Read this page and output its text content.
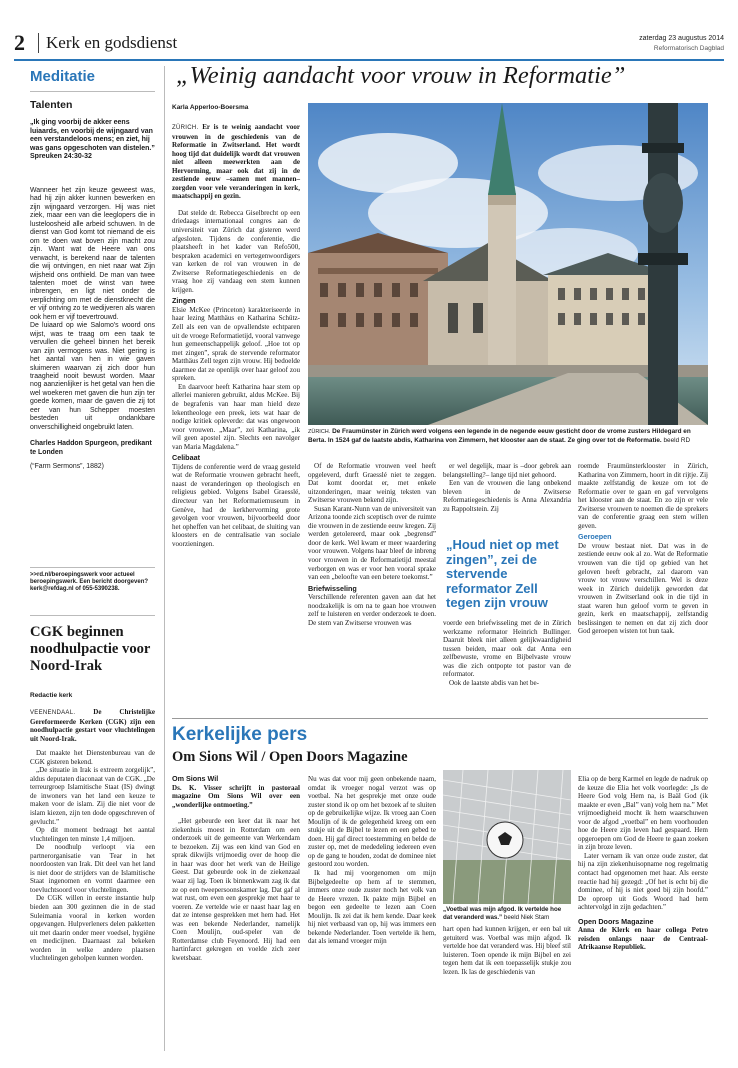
2 Kerk en godsdienst	zaterdag 23 augustus 2014
Reformatorisch Dagblad
Meditatie
Talenten
„Ik ging voorbij de akker eens luiaards, en voorbij de wijngaard van een verstandeloos mens; en ziet, hij was gans opgeschoten van distelen.”
Spreuken 24:30-32

Wanneer het zijn keuze geweest was, had hij zijn akker kunnen bewerken en zijn wijngaard verzorgen. Hij was niet ziek, maar een van die leeglopers die in lusteloosheid alle arbeid schuwen. In de dienst van God komt tot niemand de eis om te doen wat boven zijn macht zou zijn. Want wat de Heere van ons verwacht, is berekend naar de talenten die wij ontvingen, en niet naar wat Zijn wijsheid ons onthield. De man van twee talenten moet de winst van twee inbrengen, en ligt niet onder de verplichting om met de dienstknecht die er vijf ontving zo te wedijveren als waren ook hem er vijf toevertrouwd.

De luiaard op wie Salomo's woord ons wijst, was te traag om een taak te vervullen die geheel binnen het bereik van zijn vermogens was. Niet gering is het aantal van hen in wie gaven sluimeren waarvan zij zich door hun traagheid nooit bewust worden. Maar nog aanzienlijker is het getal van hen die wel woekeren met gaven die hun zijn ter goede komen, maar de gaven die zij tot eer van hun Schepper moesten besteden uit ondankbare onverschilligheid ongebruikt laten.

Charles Haddon Spurgeon, predikant te Londen

(“Farm Sermons”, 1882)

>>rd.nl/beroepingswerk voor actueel beroepingswerk. Een bericht doorgeven? kerk@refdag.nl of 055-5390238.
CGK beginnen noodhulpactie voor Noord-Irak
Redactie kerk

VEENENDAAL.	De Christelijke Gereformeerde Kerken (CGK) zijn een noodhulpactie gestart voor vluchtelingen uit Noord-Irak.

Dat maakte het Dienstenbureau van de CGK gisteren bekend.

„De situatie in Irak is extreem zorgelijk”, aldus deputaten diaconaat van de CGK. „De terreurgroep Islamitische Staat (IS) dwingt de inwoners van het land een keuze te maken voor de islam. Zij die niet voor de islam kiezen, zijn ten dode opgeschreven of gevlucht.”

Op dit moment bedraagt het aantal vluchtelingen ten minste 1,4 miljoen.

De noodhulp verloopt via een partnerorganisatie van Tear in het noordoosten van Irak. Dit deel van het land is niet door de strijders van de Islamitische Staat ingenomen en vormt daarmee een toevluchtsoord voor vluchtelingen.

De CGK willen in eerste instantie hulp bieden aan 300 gezinnen die in de stad Suleimania vooral in kerken worden opgevangen. Hulpverleners delen pakketten uit met daarin onder meer voedsel, hygiëne en medicijnen. Daarnaast zal bekeken worden in welke andere plaatsen vluchtelingen geholpen kunnen worden.

„Weinig aandacht voor vrouw in Reformatie”
Karla Apperloo-Boersma

ZÜRICH. Er is te weinig aandacht voor vrouwen in de geschiedenis van de Reformatie in Zwitserland. Het wordt hoog tijd dat duidelijk wordt dat vrouwen niet alleen meewerkten aan de Hervorming, maar ook dat zij in de zestiende eeuw –samen met mannen– zorgden voor vele veranderingen in kerk, maatschappij en gezin.

Dat stelde dr. Rebecca Giselbrecht op een driedaags internationaal congres aan de universiteit van Zürich dat gisteren werd afgesloten. Tijdens de conferentie, die plaatsheeft in het kader van Refo500, bespraken academici en vertegenwoordigers van kerken de rol van vrouwen in de Zwitserse Reformatiegeschiedenis en de vraag hoe zij vandaag een stem kunnen krijgen.

Zingen

Elsie McKee (Princeton) karakteriseerde in haar lezing Matthäus en Katharina Schütz-Zell als een van de opvallendste echtparen uit de vroege Reformatietijd, vooral vanwege hun gemeenschappelijk geloof. „Hoe tot op met zingen”, sprak de stervende reformator Matthäus Zell tegen zijn vrouw. Hij bedoelde daarmee dat ze openlijk over haar geloof zou spreken.

En daarvoor heeft Katharina haar stem op allerlei manieren gebruikt, aldus McKee. Bij de begrafenis van haar man hield deze lekentheologe een preek, iets wat haar de nodige kritiek opleverde: dat was ongewoon voor vrouwen. „Maar”, zei Katharina, „ik wil geen apostel zijn. Slechts een navolger van Maria Magdalena.”

Celibaat

Tijdens de conferentie werd de vraag gesteld wat de Reformatie vrouwen gebracht heeft, naast de veranderingen op theologisch en religieus gebied. Volgens Isabel Graesslé, directeur van het Reformatiemuseum in Genève, had de kerkhervorming grote gevolgen voor vrouwen, bijvoorbeeld door het opheffen van het celibaat, de sluiting van kloosters en de centralisatie van sociale voorzieningen.

ZÜRICH. De Fraumünster in Zürich werd volgens een legende in de negende eeuw gesticht door de vrome zusters Hildegard en Berta. In 1524 gaf de laatste abdis, Katharina von Zimmern, het klooster aan de staat. Ze ging over tot de Reformatie. beeld RD

Of de Reformatie vrouwen veel heeft opgeleverd, durft Graesslé niet te zeggen. Dat komt doordat er, met enkele uitzonderingen, maar weinig teksten van Zwitserse vrouwen bekend zijn.

Susan Karant-Nunn van de universiteit van Arizona toonde zich sceptisch over de ruimte die vrouwen in de zestiende eeuw kregen. Zij werden getolereerd, maar ook „begrensd” door de kerk. Wel kwam er meer waardering voor vrouwen. Volgens haar bleef de inbreng voor vrouwen in de Reformatietijd meestal verborgen en was er voor hen vooral sprake van een „beloofte van een betere toekomst.”

Briefwisseling

Verschillende referenten gaven aan dat het noodzakelijk is om na te gaan hoe vrouwen zelf te luisteren en verder onderzoek te doen. De stem van Zwitserse vrouwen was

er wel degelijk, maar is –door gebrek aan belangstelling?– lange tijd niet gehoord.

Een van de vrouwen die lang onbekend bleven in de Zwitserse Reformatiegeschiedenis is Anna Alexandria zu Rappoltstein. Zij

„Houd niet op met zingen”, zei de stervende reformator Zell tegen zijn vrouw

voerde een briefwisseling met de in Zürich werkzame reformator Heinrich Bullinger. Daaruit bleek niet alleen gelijkwaardigheid tussen beiden, maar ook dat Anna een zelfbewuste, vrome en Bijbelvaste vrouw was die zich ontpopte tot pastor van de reformator.

Ook de laatste abdis van het be-

roemde Fraumünsterklooster in Zürich, Katharina von Zimmern, hoort in dit rijtje. Zij maakte zelfstandig de keuze om tot de Reformatie over te gaan en gaf vervolgens het klooster aan de staat. En zo zijn er vele Zwitserse vrouwen te noemen die de sprekers van de conferentie graag een stem willen geven.

Geroepen

De vrouw bestaat niet. Dat was in de zestiende eeuw ook al zo. Wat de Reformatie vrouwen van die tijd op gebied van het geloven heeft gebracht, zal daarom van vrouw tot vrouw verschillen. Wel is deze week in Zürich duidelijk geworden dat vrouwen in Zwitserland ook in die tijd in staat waren hun geloof vorm te geven in gezin, kerk en maatschappij, zelfstandig beslissingen te nemen en dat zij zich door God geroepen wisten tot hun taak.

Kerkelijke pers
Om Sions Wil / Open Doors Magazine

Om Sions Wil

Ds. K. Visser schrijft in pastoraal magazine Om Sions Wil over een „wonderlijke ontmoeting.”

„Het gebeurde een keer dat ik naar het ziekenhuis moest in Rotterdam om een onderzoek uit de gemeente van Werkendam te bezoeken. Zij was een kind van God en sprak dikwijls vrijmoedig over de hoop die in haar was door het werk van de Heilige Geest. Dat gebeurde ook in de ziekenzaal waar zij lag. Toen ik binnenkwam zag ik dat ze op een tweepersoonskamer lag. Dat gaf al wat rust, om even een gesprekje met haar te voeren. Ze vertelde wie er naast haar lag en dat ze intense gesprekken met hem had. Het was een bekende Nederlander, namelijk Coen Moulijn, oud-speler van de Rotterdamse club Feyenoord. Hij had een hartinfarct gekregen en voelde zich zeer kwetsbaar.

Nu was dat voor mij geen onbekende naam, omdat ik vroeger nogal verzot was op voetbal. Na het gesprekje met onze oude zuster stond ik op om het bezoek af te sluiten op de gebruikelijke wijze. Ik vroeg aan Coen Moulijn of ik de gelegenheid kreeg om een stukje uit de Bijbel te lezen en een gebed te doen. Hij gaf direct toestemming en belde de zuster op, met de mededeling iedereen even op de gang te houden, zodat de dominee niet gestoord zou worden.

Ik had mij voorgenomen om mijn Bijbelgedeelte op hem af te stemmen, immers onze oude zuster noch het volk van de Heere vrezen. Ik pakte mijn Bijbel en begon een gedeelte te lezen aan Coen Moulijn. Ik zei dat ik hem kende. Daar keek hij niet verbaasd van op, hij was immers een bekende Nederlander. Toen vertelde ik hem, dat als iemand vroeger mijn

„Voetbal was mijn afgod. Ik vertelde hoe dat veranderd was.” beeld Niek Stam

hart open had kunnen krijgen, er een bal uit getuiterd was. Voetbal was mijn afgod. Ik vertelde hoe dat veranderd was. Hij bleef stil luisteren. Toen opende ik mijn Bijbel en zei tegen hem dat ik een toepasselijk stukje zou lezen. Ik las de geschiedenis van

Elia op de berg Karmel en legde de nadruk op de keuze die Elia het volk voorlegde: „Is de Heere God volg Hem na, is Baäl God (ik maakte er even „Bal” van) volg hem na.” Met vrijmoedigheid mocht ik hem waarschuwen voor de afgod „voetbal” en hem voorhouden hoe de Heere zijn leven had gespaard. Hem opgeroepen om God de Heere te gaan zoeken in zijn broze leven.

Later vernam ik van onze oude zuster, dat hij na zijn ziekenhuisopname nog regelmatig contact had opgenomen met haar. Als eerste reactie had hij gezegd: „Of het is echt bij die dominee, of hij is niet goed bij zijn hoofd.” De oproep uit Gods Woord had hem achtervolgd in zijn gedachten.”

Open Doors Magazine

Anna de Klerk en haar collega Petro reisden onlangs naar de Centraal-Afrikaanse Republiek.
